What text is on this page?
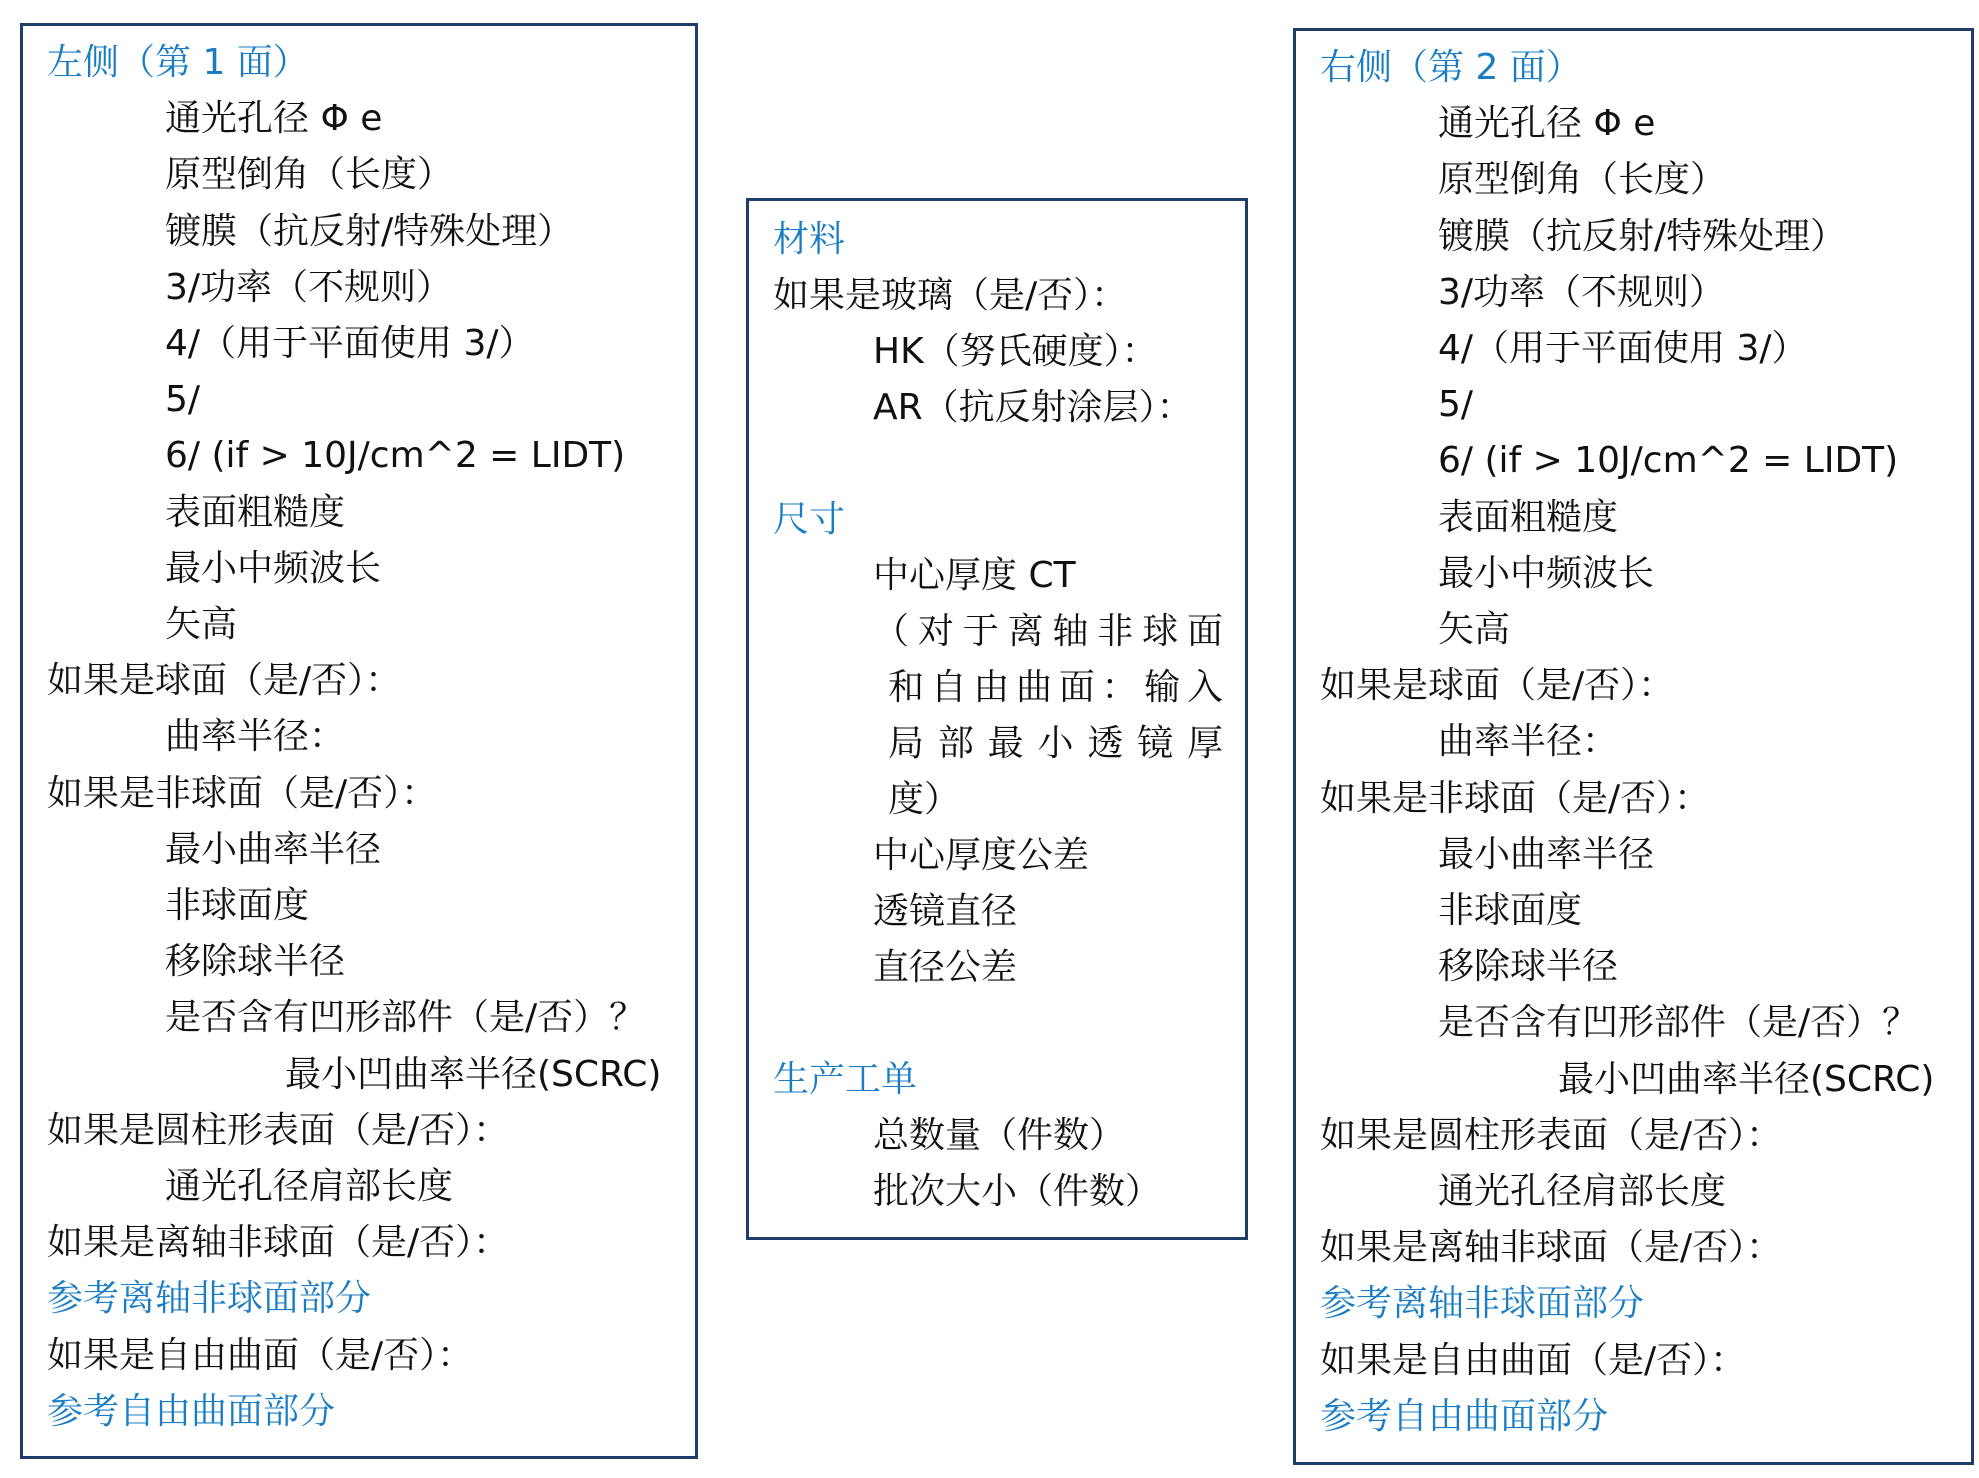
左侧（第 1 面）
通光孔径 Φ e
原型倒角（长度）
镀膜（抗反射/特殊处理）
3/功率（不规则）
4/（用于平面使用 3/）
5/
6/ (if > 10J/cm^2 = LIDT)
表面粗糙度
最小中频波长
矢高
如果是球面（是/否）：
曲率半径：
如果是非球面（是/否）：
最小曲率半径
非球面度
移除球半径
是否含有凹形部件（是/否）？
最小凹曲率半径(SCRC)
如果是圆柱形表面（是/否）：
通光孔径肩部长度
如果是离轴非球面（是/否）：
参考离轴非球面部分
如果是自由曲面（是/否）：
参考自由曲面部分
材料
如果是玻璃（是/否）：
HK（努氏硬度）：
AR（抗反射涂层）：
尺寸
中心厚度 CT
（对于离轴非球面
和自由曲面：输入
局部最小透镜厚
度）
中心厚度公差
透镜直径
直径公差
生产工单
总数量（件数）
批次大小（件数）
右侧（第 2 面）
通光孔径 Φ e
原型倒角（长度）
镀膜（抗反射/特殊处理）
3/功率（不规则）
4/（用于平面使用 3/）
5/
6/ (if > 10J/cm^2 = LIDT)
表面粗糙度
最小中频波长
矢高
如果是球面（是/否）：
曲率半径：
如果是非球面（是/否）：
最小曲率半径
非球面度
移除球半径
是否含有凹形部件（是/否）？
最小凹曲率半径(SCRC)
如果是圆柱形表面（是/否）：
通光孔径肩部长度
如果是离轴非球面（是/否）：
参考离轴非球面部分
如果是自由曲面（是/否）：
参考自由曲面部分
